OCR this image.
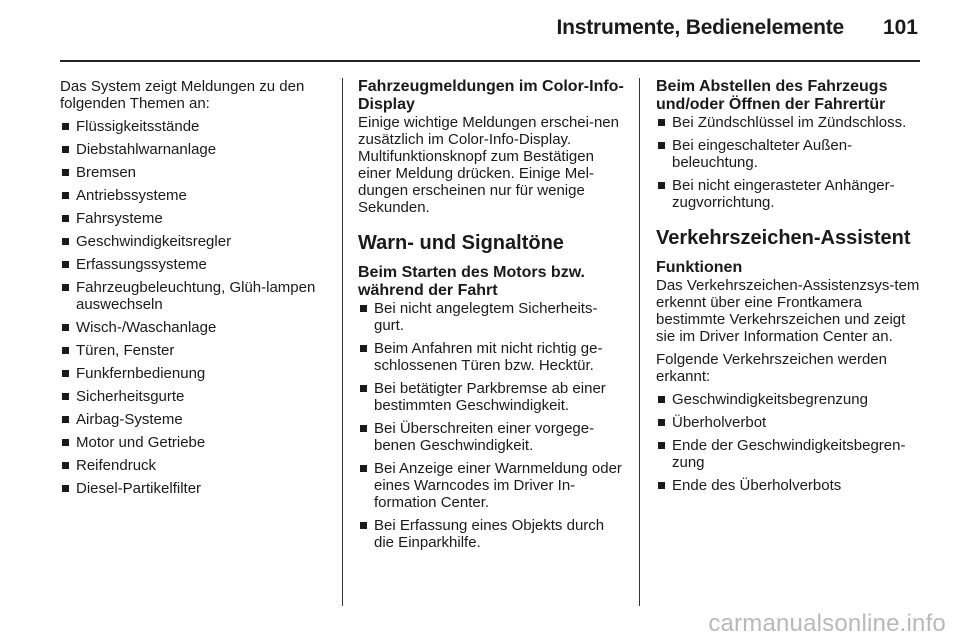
Instrumente, Bedienelemente 101

Das System zeigt Meldungen zu den folgenden Themen an:

Flüssigkeitsstände
Diebstahlwarnanlage
Bremsen
Antriebssysteme
Fahrsysteme
Geschwindigkeitsregler
Erfassungssysteme
Fahrzeugbeleuchtung, Glüh-lampen auswechseln
Wisch-/Waschanlage
Türen, Fenster
Funkfernbedienung
Sicherheitsgurte
Airbag-Systeme
Motor und Getriebe
Reifendruck
Diesel-Partikelfilter
Fahrzeugmeldungen im Color-Info-Display

Einige wichtige Meldungen erschei-nen zusätzlich im Color-Info-Display. Multifunktionsknopf zum Bestätigen einer Meldung drücken. Einige Mel-dungen erscheinen nur für wenige Sekunden.

Warn- und Signaltöne
Beim Starten des Motors bzw. während der Fahrt
Bei nicht angelegtem Sicherheits-gurt.
Beim Anfahren mit nicht richtig ge-schlossenen Türen bzw. Hecktür.
Bei betätigter Parkbremse ab einer bestimmten Geschwindigkeit.
Bei Überschreiten einer vorgege-benen Geschwindigkeit.
Bei Anzeige einer Warnmeldung oder eines Warncodes im Driver In-formation Center.
Bei Erfassung eines Objekts durch die Einparkhilfe.
Beim Abstellen des Fahrzeugs und/oder Öffnen der Fahrertür
Bei Zündschlüssel im Zündschloss.
Bei eingeschalteter Außen-beleuchtung.
Bei nicht eingerasteter Anhänger-zugvorrichtung.
Verkehrszeichen-Assistent
Funktionen

Das Verkehrszeichen-Assistenzsys-tem erkennt über eine Frontkamera bestimmte Verkehrszeichen und zeigt sie im Driver Information Center an.

Folgende Verkehrszeichen werden erkannt:

Geschwindigkeitsbegrenzung
Überholverbot
Ende der Geschwindigkeitsbegren-zung
Ende des Überholverbots
carmanualsonline.info
